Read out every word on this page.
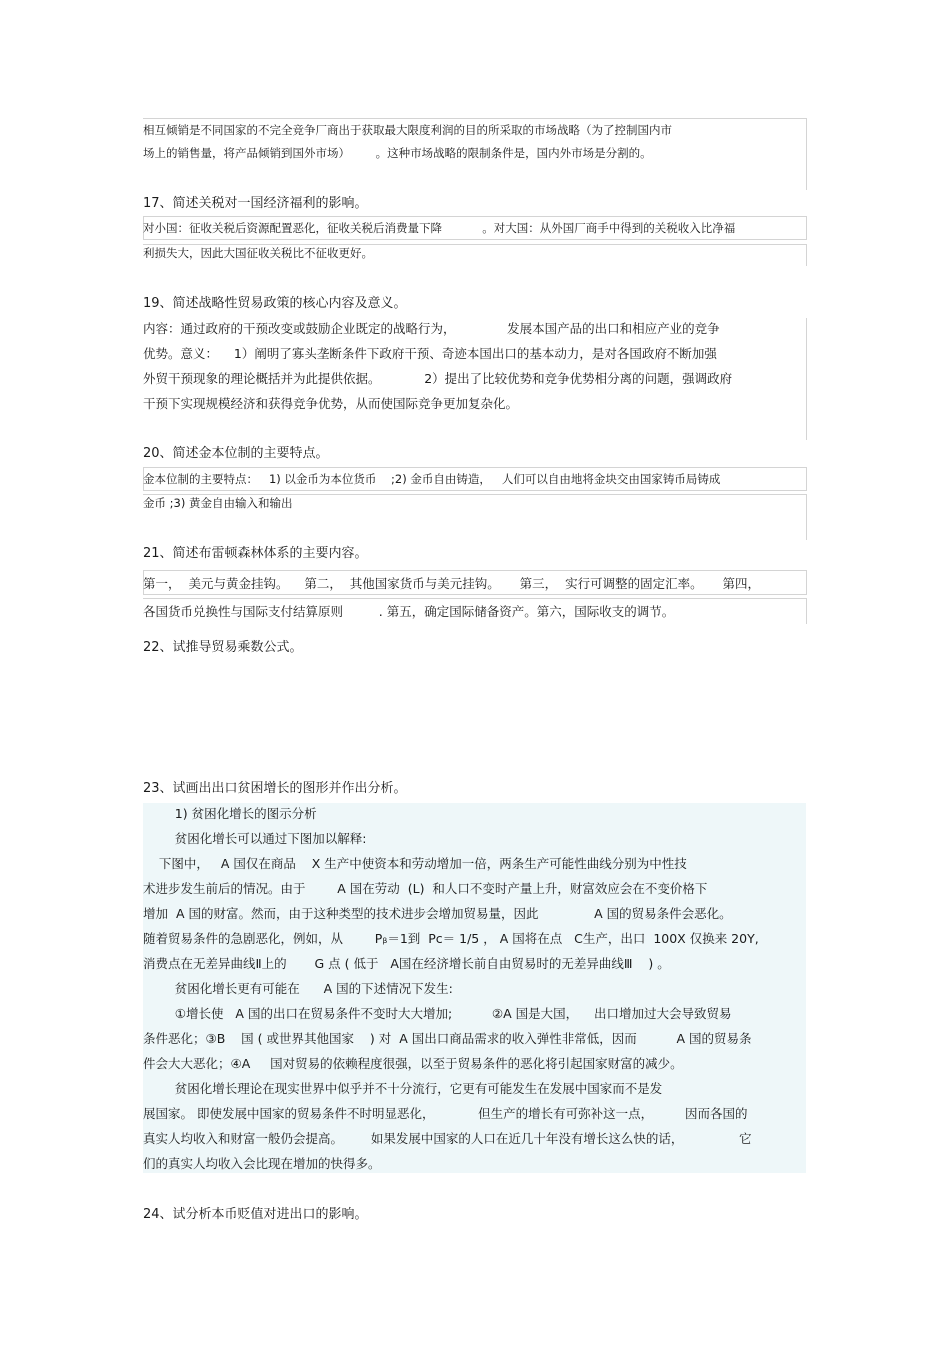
相互倾销是不同国家的不完全竞争厂商出于获取最大限度利润的目的所采取的市场战略（为了控制国内市
场上的销售量，将产品倾销到国外市场）       。这种市场战略的限制条件是，国内外市场是分割的。
17、简述关税对一国经济福利的影响。
对小国：征收关税后资源配置恶化，征收关税后消费量下降           。对大国：从外国厂商手中得到的关税收入比净福
利损失大，因此大国征收关税比不征收更好。
19、简述战略性贸易政策的核心内容及意义。
内容：通过政府的干预改变或鼓励企业既定的战略行为，             发展本国产品的出口和相应产业的竞争
优势。意义：    1）阐明了寡头垄断条件下政府干预、奇迹本国出口的基本动力，是对各国政府不断加强
外贸干预现象的理论概括并为此提供依据。           2）提出了比较优势和竞争优势相分离的问题，强调政府
干预下实现规模经济和获得竞争优势，从而使国际竞争更加复杂化。
20、简述金本位制的主要特点。
金本位制的主要特点：   1) 以金币为本位货币    ;2) 金币自由铸造，   人们可以自由地将金块交由国家铸币局铸成
金币 ;3) 黄金自由输入和输出
21、简述布雷顿森林体系的主要内容。
第一，  美元与黄金挂钩。    第二，  其他国家货币与美元挂钩。     第三，  实行可调整的固定汇率。     第四，
各国货币兑换性与国际支付结算原则         . 第五，确定国际储备资产。第六，国际收支的调节。
22、试推导贸易乘数公式。
23、试画出出口贫困增长的图形并作出分析。
1) 贫困化增长的图示分析
贫困化增长可以通过下图加以解释:
下图中，   A 国仅在商品    X 生产中使资本和劳动增加一倍，两条生产可能性曲线分别为中性技
术进步发生前后的情况。由于        A 国在劳动  (L)  和人口不变时产量上升，财富效应会在不变价格下
增加  A 国的财富。然而，由于这种类型的技术进步会增加贸易量，因此              A 国的贸易条件会恶化。
随着贸易条件的急剧恶化，例如，从        Pᵦ＝1到  Pᴄ＝ 1/5 ， A 国将在点   C生产，出口  100X 仅换来 20Y,
消费点在无差异曲线Ⅱ上的       G 点 ( 低于   A国在经济增长前自由贸易时的无差异曲线Ⅲ    ) 。
贫困化增长更有可能在      A 国的下述情况下发生:
①增长使   A 国的出口在贸易条件不变时大大增加;          ②A 国是大国，    出口增加过大会导致贸易
条件恶化；③B    国 ( 或世界其他国家    ) 对  A 国出口商品需求的收入弹性非常低，因而          A 国的贸易条
件会大大恶化；④A     国对贸易的依赖程度很强，以至于贸易条件的恶化将引起国家财富的减少。
贫困化增长理论在现实世界中似乎并不十分流行，它更有可能发生在发展中国家而不是发
展国家。 即使发展中国家的贸易条件不时明显恶化，           但生产的增长有可弥补这一点，        因而各国的
真实人均收入和财富一般仍会提高。       如果发展中国家的人口在近几十年没有增长这么快的话，              它
们的真实人均收入会比现在增加的快得多。
24、试分析本币贬值对进出口的影响。
